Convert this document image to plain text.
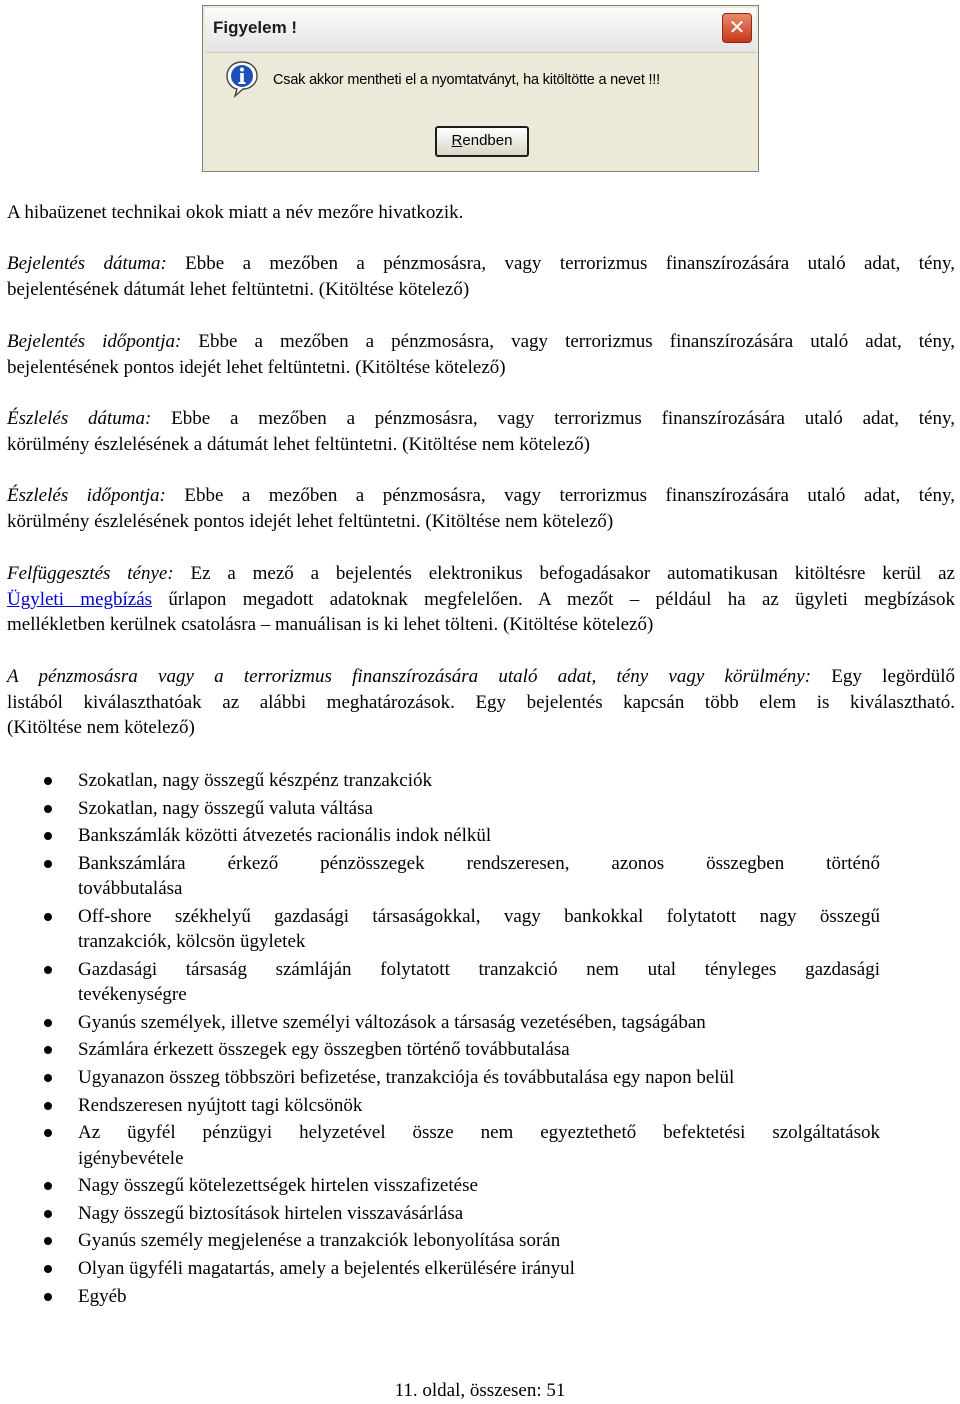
Figyelem !	✕
Csak akkor mentheti el a nyomtatványt, ha kitöltötte a nevet !!!
Rendben

A hibaüzenet technikai okok miatt a név mezőre hivatkozik.

Bejelentés dátuma: Ebbe a mezőben a pénzmosásra, vagy terrorizmus finanszírozására utaló adat, tény,
bejelentésének dátumát lehet feltüntetni. (Kitöltése kötelező)

Bejelentés időpontja: Ebbe a mezőben a pénzmosásra, vagy terrorizmus finanszírozására utaló adat, tény,
bejelentésének pontos idejét lehet feltüntetni. (Kitöltése kötelező)

Észlelés dátuma: Ebbe a mezőben a pénzmosásra, vagy terrorizmus finanszírozására utaló adat, tény,
körülmény észlelésének a dátumát lehet feltüntetni. (Kitöltése nem kötelező)

Észlelés időpontja: Ebbe a mezőben a pénzmosásra, vagy terrorizmus finanszírozására utaló adat, tény,
körülmény észlelésének pontos idejét lehet feltüntetni. (Kitöltése nem kötelező)

Felfüggesztés ténye: Ez a mező a bejelentés elektronikus befogadásakor automatikusan kitöltésre kerül az
Ügyleti megbízás űrlapon megadott adatoknak megfelelően. A mezőt – például ha az ügyleti megbízások
mellékletben kerülnek csatolásra – manuálisan is ki lehet tölteni. (Kitöltése kötelező)

A pénzmosásra vagy a terrorizmus finanszírozására utaló adat, tény vagy körülmény: Egy legördülő
listából kiválaszthatóak az alábbi meghatározások. Egy bejelentés kapcsán több elem is kiválasztható.
(Kitöltése nem kötelező)

Szokatlan, nagy összegű készpénz tranzakciók
Szokatlan, nagy összegű valuta váltása
Bankszámlák közötti átvezetés racionális indok nélkül
Bankszámlára érkező pénzösszegek rendszeresen, azonos összegben történő
továbbutalása
Off-shore székhelyű gazdasági társaságokkal, vagy bankokkal folytatott nagy összegű
tranzakciók, kölcsön ügyletek
Gazdasági társaság számláján folytatott tranzakció nem utal tényleges gazdasági
tevékenységre
Gyanús személyek, illetve személyi változások a társaság vezetésében, tagságában
Számlára érkezett összegek egy összegben történő továbbutalása
Ugyanazon összeg többszöri befizetése, tranzakciója és továbbutalása egy napon belül
Rendszeresen nyújtott tagi kölcsönök
Az ügyfél pénzügyi helyzetével össze nem egyeztethető befektetési szolgáltatások
igénybevétele
Nagy összegű kötelezettségek hirtelen visszafizetése
Nagy összegű biztosítások hirtelen visszavásárlása
Gyanús személy megjelenése a tranzakciók lebonyolítása során
Olyan ügyféli magatartás, amely a bejelentés elkerülésére irányul
Egyéb
11. oldal, összesen: 51
